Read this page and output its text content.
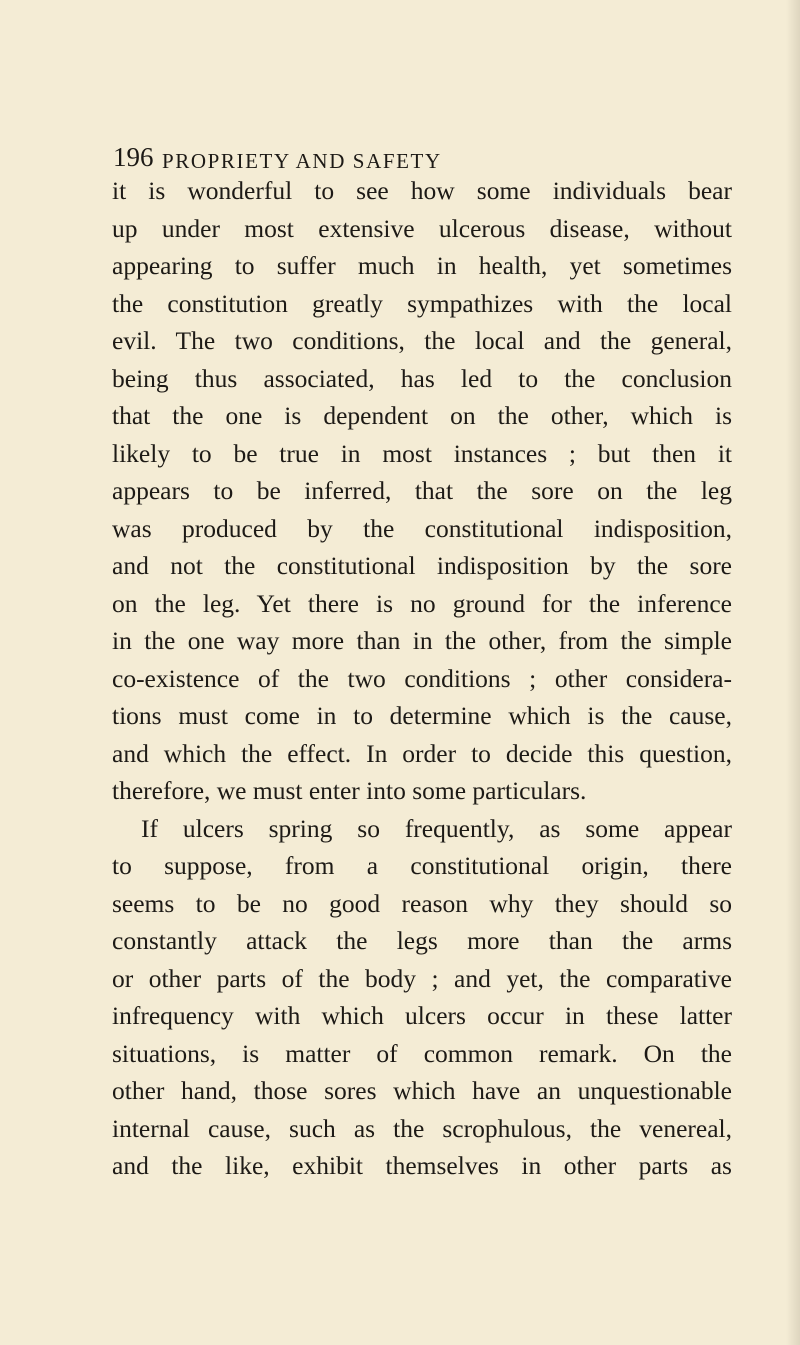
196 PROPRIETY AND SAFETY
it is wonderful to see how some individuals bear
up under most extensive ulcerous disease, without
appearing to suffer much in health, yet sometimes
the constitution greatly sympathizes with the local
evil. The two conditions, the local and the general,
being thus associated, has led to the conclusion
that the one is dependent on the other, which is
likely to be true in most instances ; but then it
appears to be inferred, that the sore on the leg
was produced by the constitutional indisposition,
and not the constitutional indisposition by the sore
on the leg. Yet there is no ground for the inference
in the one way more than in the other, from the simple
co-existence of the two conditions ; other considera-
tions must come in to determine which is the cause,
and which the effect. In order to decide this question,
therefore, we must enter into some particulars.
If ulcers spring so frequently, as some appear
to suppose, from a constitutional origin, there
seems to be no good reason why they should so
constantly attack the legs more than the arms
or other parts of the body ; and yet, the comparative
infrequency with which ulcers occur in these latter
situations, is matter of common remark. On the
other hand, those sores which have an unquestionable
internal cause, such as the scrophulous, the venereal,
and the like, exhibit themselves in other parts as
